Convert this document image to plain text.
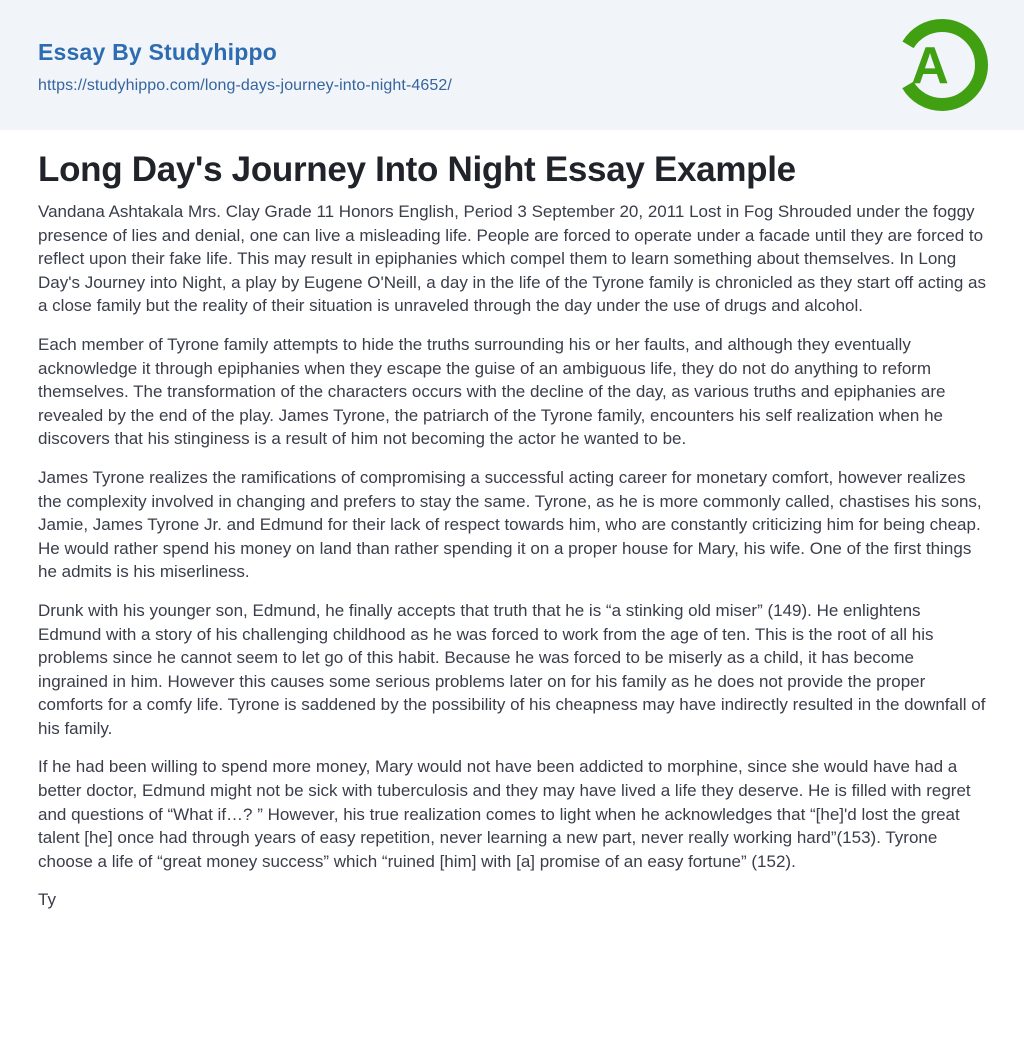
Essay By Studyhippo
https://studyhippo.com/long-days-journey-into-night-4652/	A
Long Day's Journey Into Night Essay Example

Vandana Ashtakala Mrs. Clay Grade 11 Honors English, Period 3 September 20, 2011 Lost in Fog Shrouded under the foggy presence of lies and denial, one can live a misleading life. People are forced to operate under a facade until they are forced to reflect upon their fake life. This may result in epiphanies which compel them to learn something about themselves. In Long Day's Journey into Night, a play by Eugene O'Neill, a day in the life of the Tyrone family is chronicled as they start off acting as a close family but the reality of their situation is unraveled through the day under the use of drugs and alcohol.

Each member of Tyrone family attempts to hide the truths surrounding his or her faults, and although they eventually acknowledge it through epiphanies when they escape the guise of an ambiguous life, they do not do anything to reform themselves. The transformation of the characters occurs with the decline of the day, as various truths and epiphanies are revealed by the end of the play. James Tyrone, the patriarch of the Tyrone family, encounters his self realization when he discovers that his stinginess is a result of him not becoming the actor he wanted to be.

James Tyrone realizes the ramifications of compromising a successful acting career for monetary comfort, however realizes the complexity involved in changing and prefers to stay the same. Tyrone, as he is more commonly called, chastises his sons, Jamie, James Tyrone Jr. and Edmund for their lack of respect towards him, who are constantly criticizing him for being cheap. He would rather spend his money on land than rather spending it on a proper house for Mary, his wife. One of the first things he admits is his miserliness.

Drunk with his younger son, Edmund, he finally accepts that truth that he is “a stinking old miser” (149). He enlightens Edmund with a story of his challenging childhood as he was forced to work from the age of ten. This is the root of all his problems since he cannot seem to let go of this habit. Because he was forced to be miserly as a child, it has become ingrained in him. However this causes some serious problems later on for his family as he does not provide the proper comforts for a comfy life. Tyrone is saddened by the possibility of his cheapness may have indirectly resulted in the downfall of his family.

If he had been willing to spend more money, Mary would not have been addicted to morphine, since she would have had a better doctor, Edmund might not be sick with tuberculosis and they may have lived a life they deserve. He is filled with regret and questions of “What if…? ” However, his true realization comes to light when he acknowledges that “[he]'d lost the great talent [he] once had through years of easy repetition, never learning a new part, never really working hard”(153). Tyrone choose a life of “great money success” which “ruined [him] with [a] promise of an easy fortune” (152).

Ty
